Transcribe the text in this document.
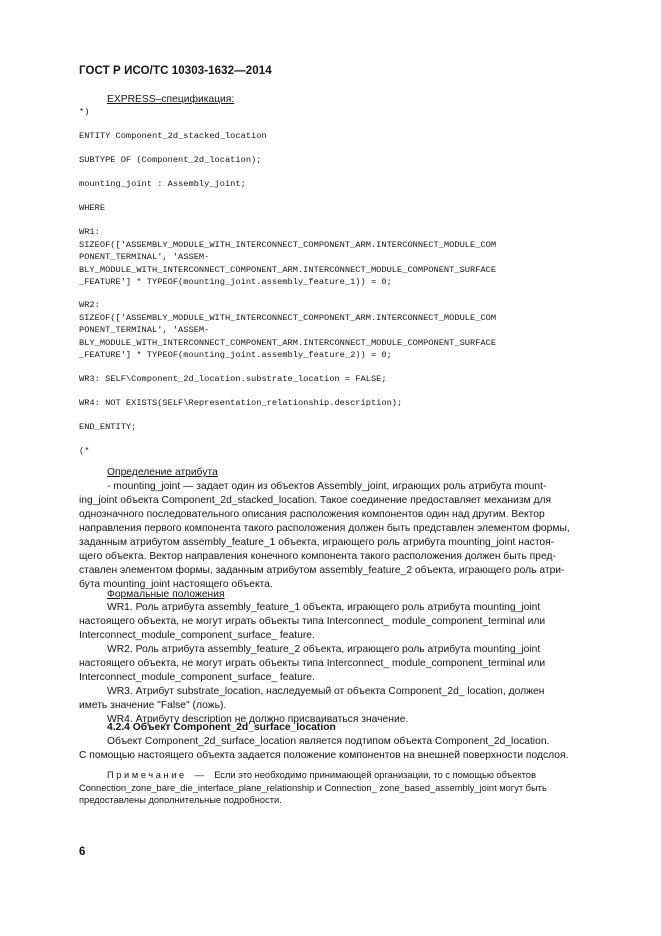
ГОСТ Р ИСО/ТС 10303-1632—2014
EXPRESS–спецификация:
*)
ENTITY Component_2d_stacked_location
SUBTYPE OF (Component_2d_location);
mounting_joint : Assembly_joint;
WHERE
WR1:
SIZEOF(['ASSEMBLY_MODULE_WITH_INTERCONNECT_COMPONENT_ARM.INTERCONNECT_MODULE_COM
PONENT_TERMINAL', 'ASSEM-
BLY_MODULE_WITH_INTERCONNECT_COMPONENT_ARM.INTERCONNECT_MODULE_COMPONENT_SURFACE
_FEATURE'] * TYPEOF(mounting_joint.assembly_feature_1)) = 0;
WR2:
SIZEOF(['ASSEMBLY_MODULE_WITH_INTERCONNECT_COMPONENT_ARM.INTERCONNECT_MODULE_COM
PONENT_TERMINAL', 'ASSEM-
BLY_MODULE_WITH_INTERCONNECT_COMPONENT_ARM.INTERCONNECT_MODULE_COMPONENT_SURFACE
_FEATURE'] * TYPEOF(mounting_joint.assembly_feature_2)) = 0;
WR3: SELF\Component_2d_location.substrate_location = FALSE;
WR4: NOT EXISTS(SELF\Representation_relationship.description);
END_ENTITY;
(*
Определение атрибута
- mounting_joint — задает один из объектов Assembly_joint, играющих роль атрибута mount-
ing_joint объекта Component_2d_stacked_location. Такое соединение предоставляет механизм для
однозначного последовательного описания расположения компонентов один над другим. Вектор
направления первого компонента такого расположения должен быть представлен элементом формы,
заданным атрибутом assembly_feature_1 объекта, играющего роль атрибута mounting_joint настоя-
щего объекта. Вектор направления конечного компонента такого расположения должен быть пред-
ставлен элементом формы, заданным атрибутом assembly_feature_2 объекта, играющего роль атри-
бута mounting_joint настоящего объекта.
Формальные положения
WR1. Роль атрибута assembly_feature_1 объекта, играющего роль атрибута mounting_joint
настоящего объекта, не могут играть объекты типа Interconnect_ module_component_terminal или
Interconnect_module_component_surface_ feature.
WR2. Роль атрибута assembly_feature_2 объекта, играющего роль атрибута mounting_joint
настоящего объекта, не могут играть объекты типа Interconnect_ module_component_terminal или
Interconnect_module_component_surface_ feature.
WR3. Атрибут substrate_location, наследуемый от объекта Component_2d_ location, должен
иметь значение "False" (ложь).
WR4. Атрибуту description не должно присваиваться значение.
4.2.4 Объект Component_2d_surface_location
Объект Component_2d_surface_location является подтипом объекта Component_2d_location.
С помощью настоящего объекта задается положение компонентов на внешней поверхности подслоя.
Примечание — Если это необходимо принимающей организации, то с помощью объектов
Connection_zone_bare_die_interface_plane_relationship и Connection_ zone_based_assembly_joint могут быть
предоставлены дополнительные подробности.
6
